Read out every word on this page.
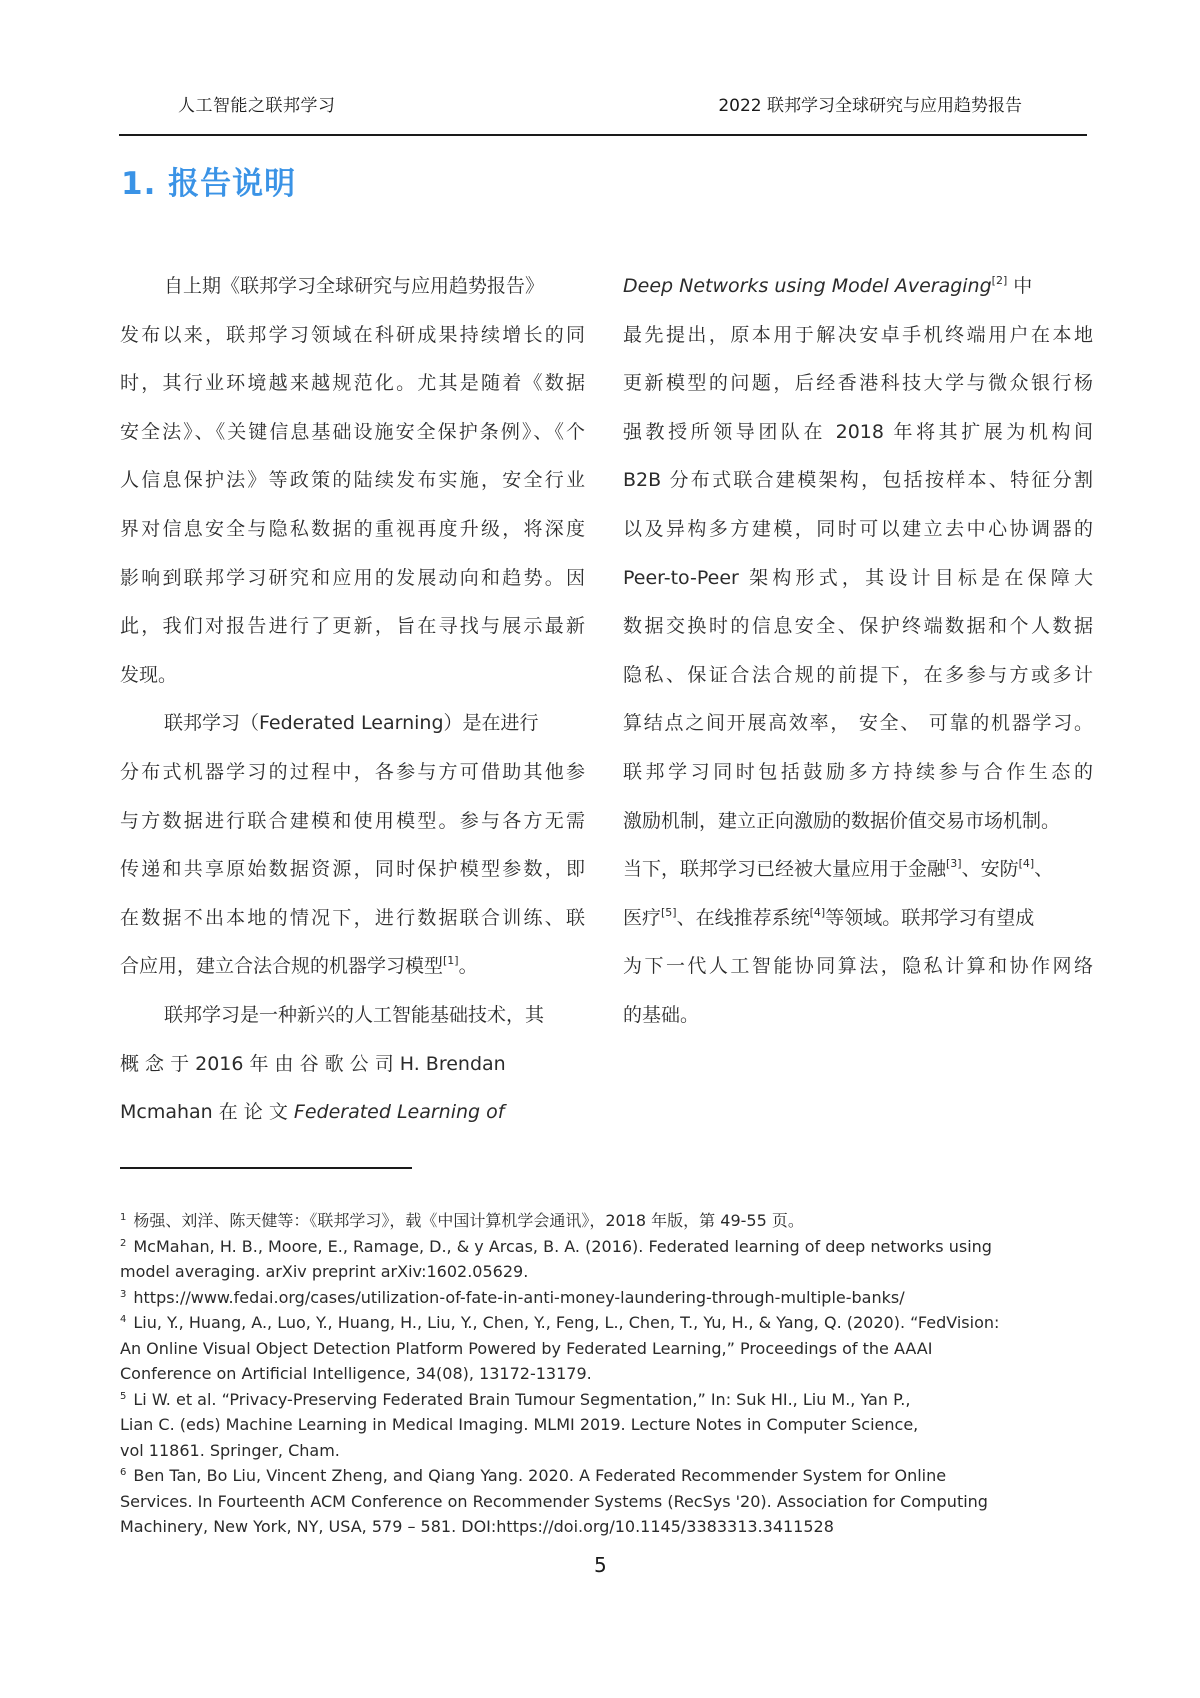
人工智能之联邦学习	2022 联邦学习全球研究与应用趋势报告
1. 报告说明
自上期《联邦学习全球研究与应用趋势报告》
发布以来，联邦学习领域在科研成果持续增长的同
时，其行业环境越来越规范化。尤其是随着《数据
安全法》、《关键信息基础设施安全保护条例》、《个
人信息保护法》等政策的陆续发布实施，安全行业
界对信息安全与隐私数据的重视再度升级，将深度
影响到联邦学习研究和应用的发展动向和趋势。因
此，我们对报告进行了更新，旨在寻找与展示最新
发现。
联邦学习（Federated Learning）是在进行
分布式机器学习的过程中，各参与方可借助其他参
与方数据进行联合建模和使用模型。参与各方无需
传递和共享原始数据资源，同时保护模型参数，即
在数据不出本地的情况下，进行数据联合训练、联
合应用，建立合法合规的机器学习模型[1]。
联邦学习是一种新兴的人工智能基础技术，其
概 念 于 2016 年 由 谷 歌 公 司 H. Brendan
Mcmahan 在 论 文 Federated Learning of
Deep Networks using Model Averaging[2] 中
最先提出，原本用于解决安卓手机终端用户在本地
更新模型的问题，后经香港科技大学与微众银行杨
强教授所领导团队在 2018 年将其扩展为机构间
B2B 分布式联合建模架构，包括按样本、特征分割
以及异构多方建模，同时可以建立去中心协调器的
Peer-to-Peer 架构形式，其设计目标是在保障大
数据交换时的信息安全、保护终端数据和个人数据
隐私、保证合法合规的前提下，在多参与方或多计
算结点之间开展高效率， 安全、 可靠的机器学习。
联邦学习同时包括鼓励多方持续参与合作生态的
激励机制，建立正向激励的数据价值交易市场机制。
当下，联邦学习已经被大量应用于金融[3]、安防[4]、
医疗[5]、在线推荐系统[4]等领域。联邦学习有望成
为下一代人工智能协同算法，隐私计算和协作网络
的基础。
$^1$ 杨强、刘洋、陈天健等：《联邦学习》，载《中国计算机学会通讯》，2018 年版，第 49-55 页。
$^2$ McMahan, H. B., Moore, E., Ramage, D., & y Arcas, B. A. (2016). Federated learning of deep networks using
model averaging. arXiv preprint arXiv:1602.05629.
$^3$ https://www.fedai.org/cases/utilization-of-fate-in-anti-money-laundering-through-multiple-banks/
$^4$ Liu, Y., Huang, A., Luo, Y., Huang, H., Liu, Y., Chen, Y., Feng, L., Chen, T., Yu, H., & Yang, Q. (2020). “FedVision:
An Online Visual Object Detection Platform Powered by Federated Learning,” Proceedings of the AAAI
Conference on Artificial Intelligence, 34(08), 13172-13179.
$^5$ Li W. et al. “Privacy-Preserving Federated Brain Tumour Segmentation,” In: Suk HI., Liu M., Yan P.,
Lian C. (eds) Machine Learning in Medical Imaging. MLMI 2019. Lecture Notes in Computer Science,
vol 11861. Springer, Cham.
$^6$ Ben Tan, Bo Liu, Vincent Zheng, and Qiang Yang. 2020. A Federated Recommender System for Online
Services. In Fourteenth ACM Conference on Recommender Systems (RecSys '20). Association for Computing
Machinery, New York, NY, USA, 579 – 581. DOI:https://doi.org/10.1145/3383313.3411528
5
